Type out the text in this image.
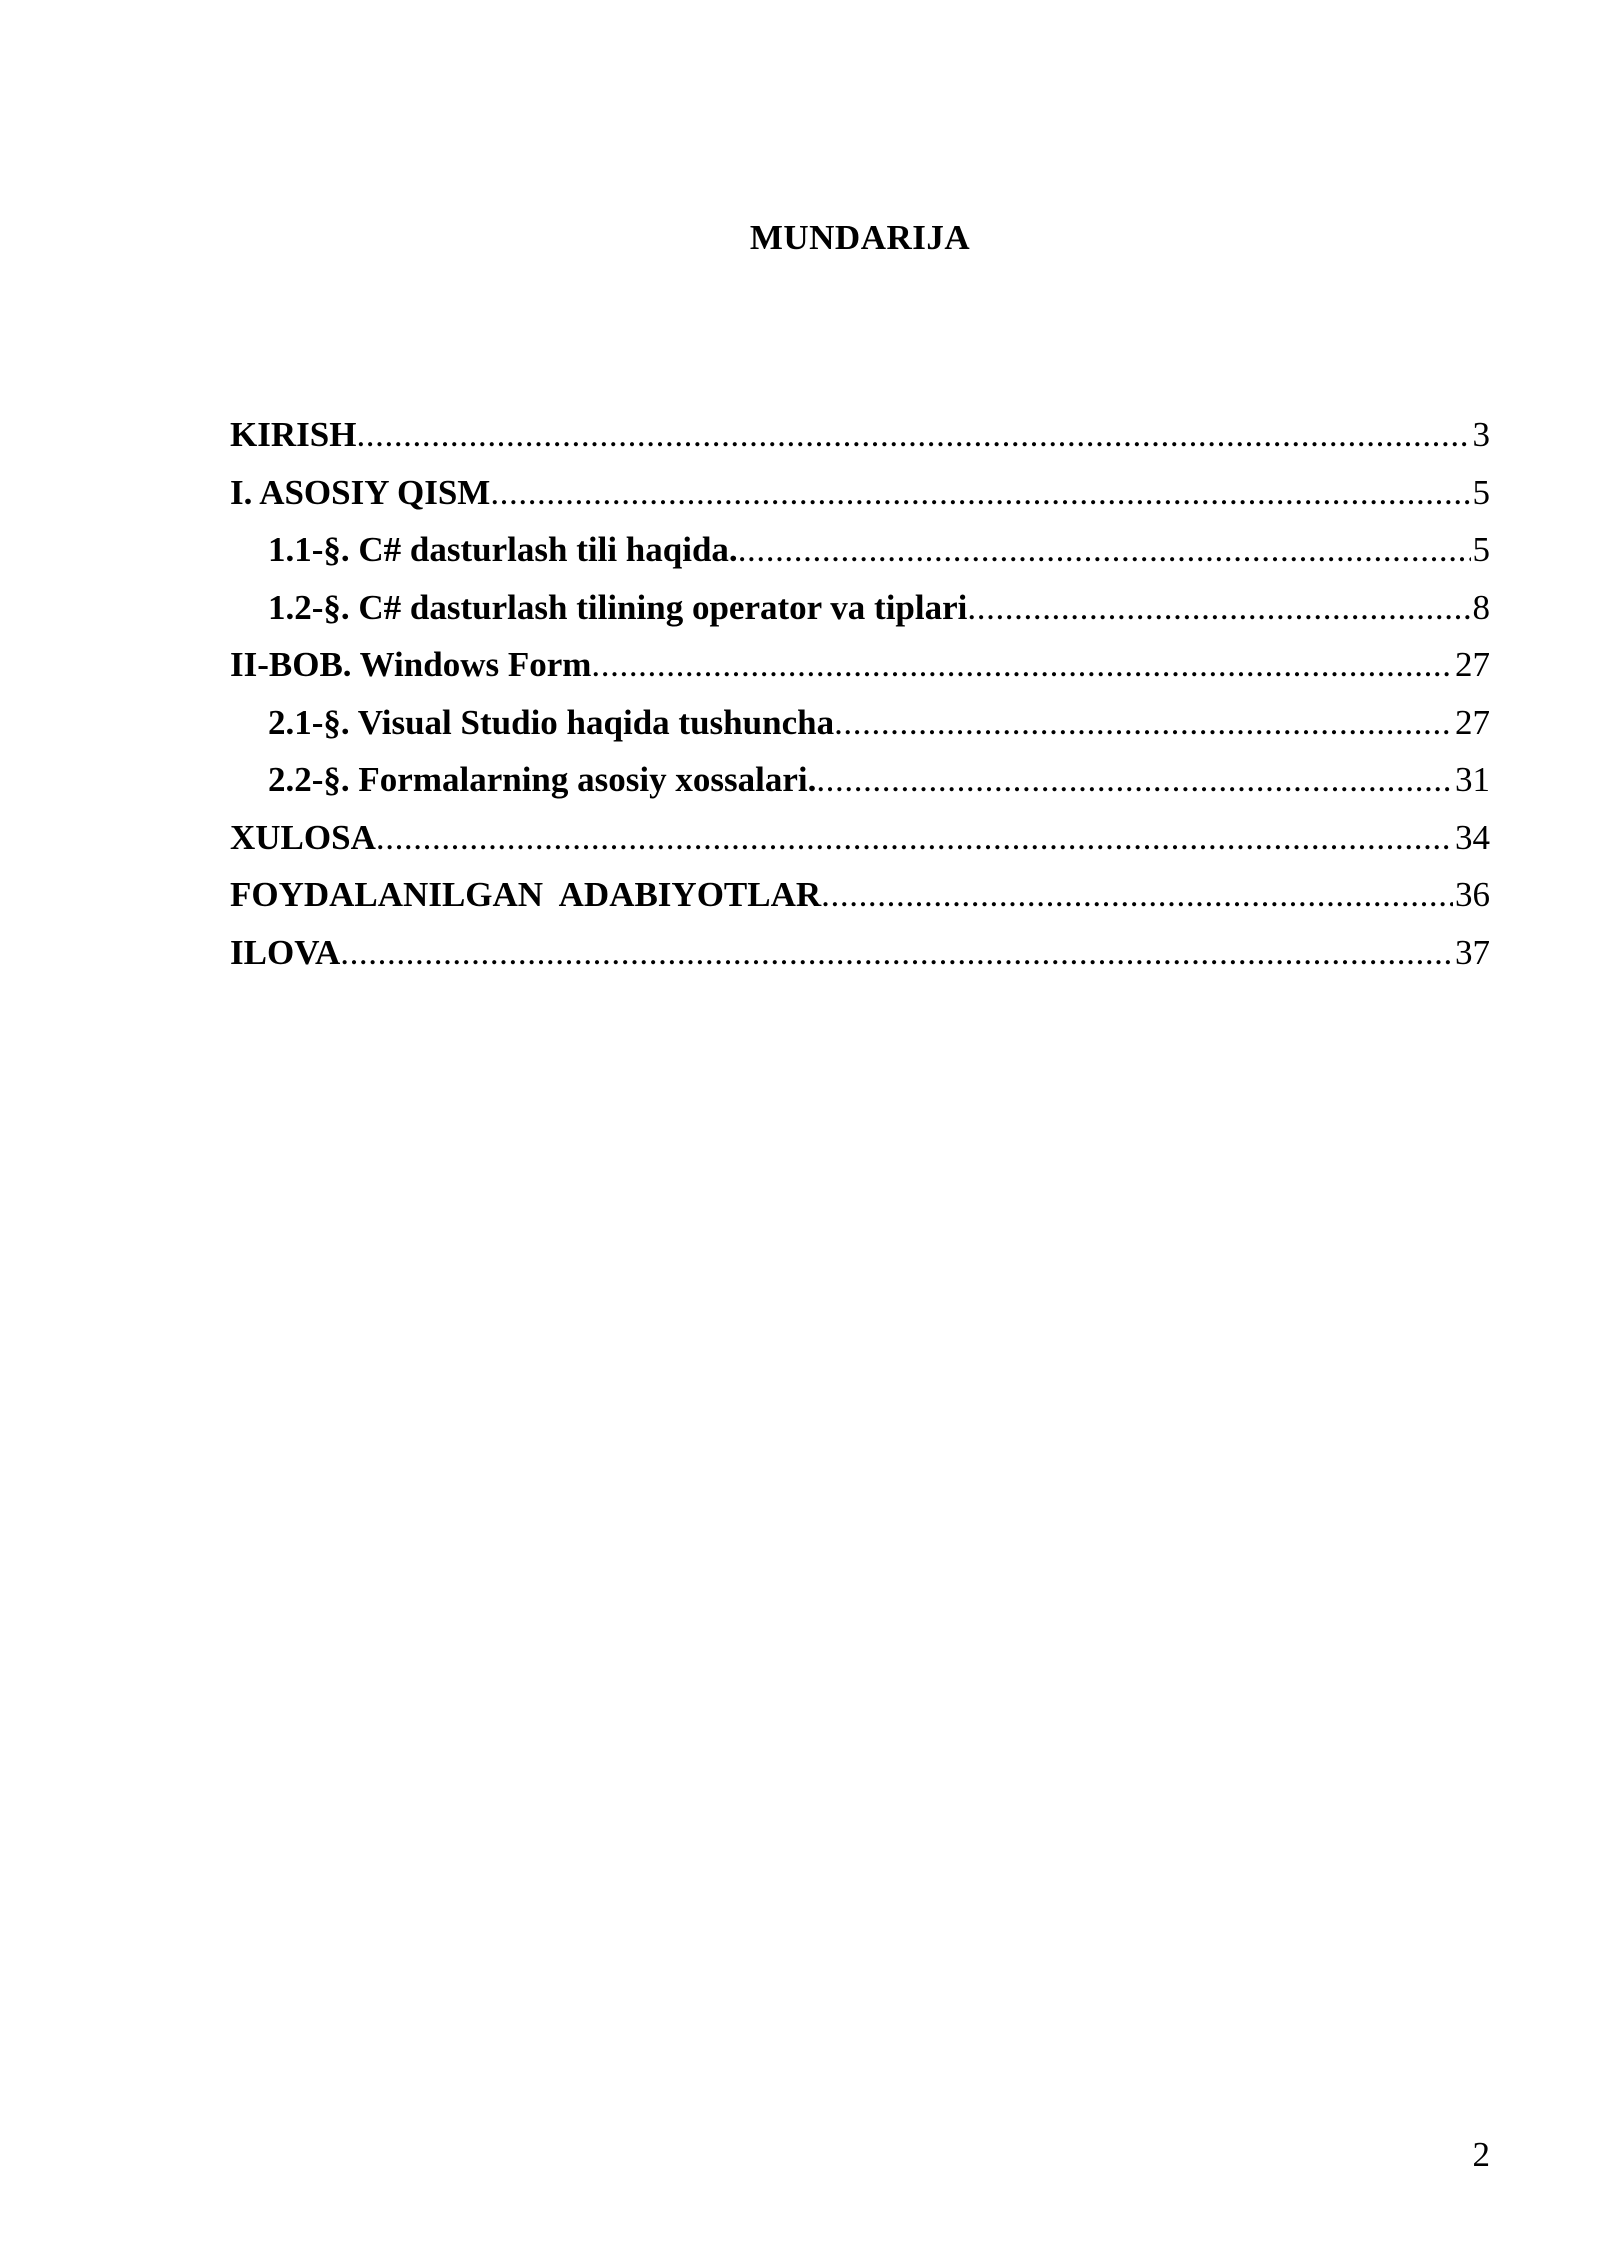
MUNDARIJA
KIRISH .....	3
I. ASOSIY QISM .....	5
1.1-§. C# dasturlash tili haqida. .....	5
1.2-§. C# dasturlash tilining operator va tiplari .....	8
II-BOB. Windows Form .....	27
2.1-§. Visual Studio haqida tushuncha .....	27
2.2-§. Formalarning asosiy xossalari. .....	31
XULOSA .....	34
FOYDALANILGAN  ADABIYOTLAR .....	36
ILOVA .....	37
2
